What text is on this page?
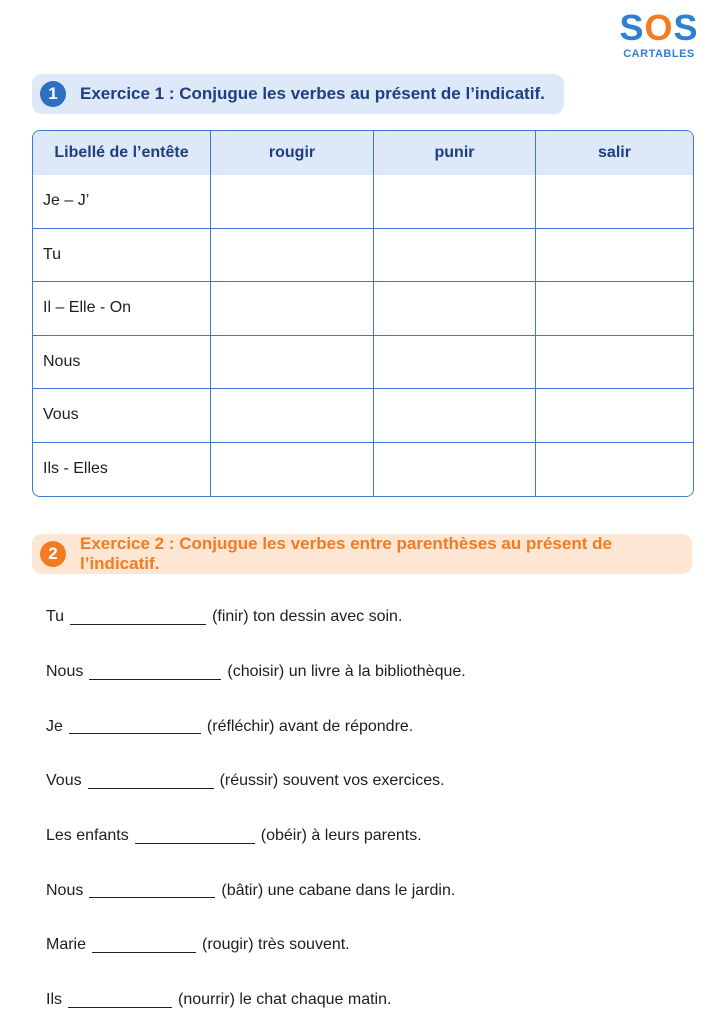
SOS
CARTABLES
1	Exercice 1 : Conjugue les verbes au présent de l’indicatif.
Libellé de l’entête	rougir	punir	salir
Je – J’			
Tu			
Il – Elle - On			
Nous			
Vous			
Ils - Elles			
2
Exercice 2 : Conjugue les verbes entre parenthèses au présent de l’indicatif.
Tu	(finir) ton dessin avec soin.
Nous	(choisir) un livre à la bibliothèque.
Je	(réfléchir) avant de répondre.
Vous	(réussir) souvent vos exercices.
Les enfants	(obéir) à leurs parents.
Nous	(bâtir) une cabane dans le jardin.
Marie	(rougir) très souvent.
Ils	(nourrir) le chat chaque matin.
